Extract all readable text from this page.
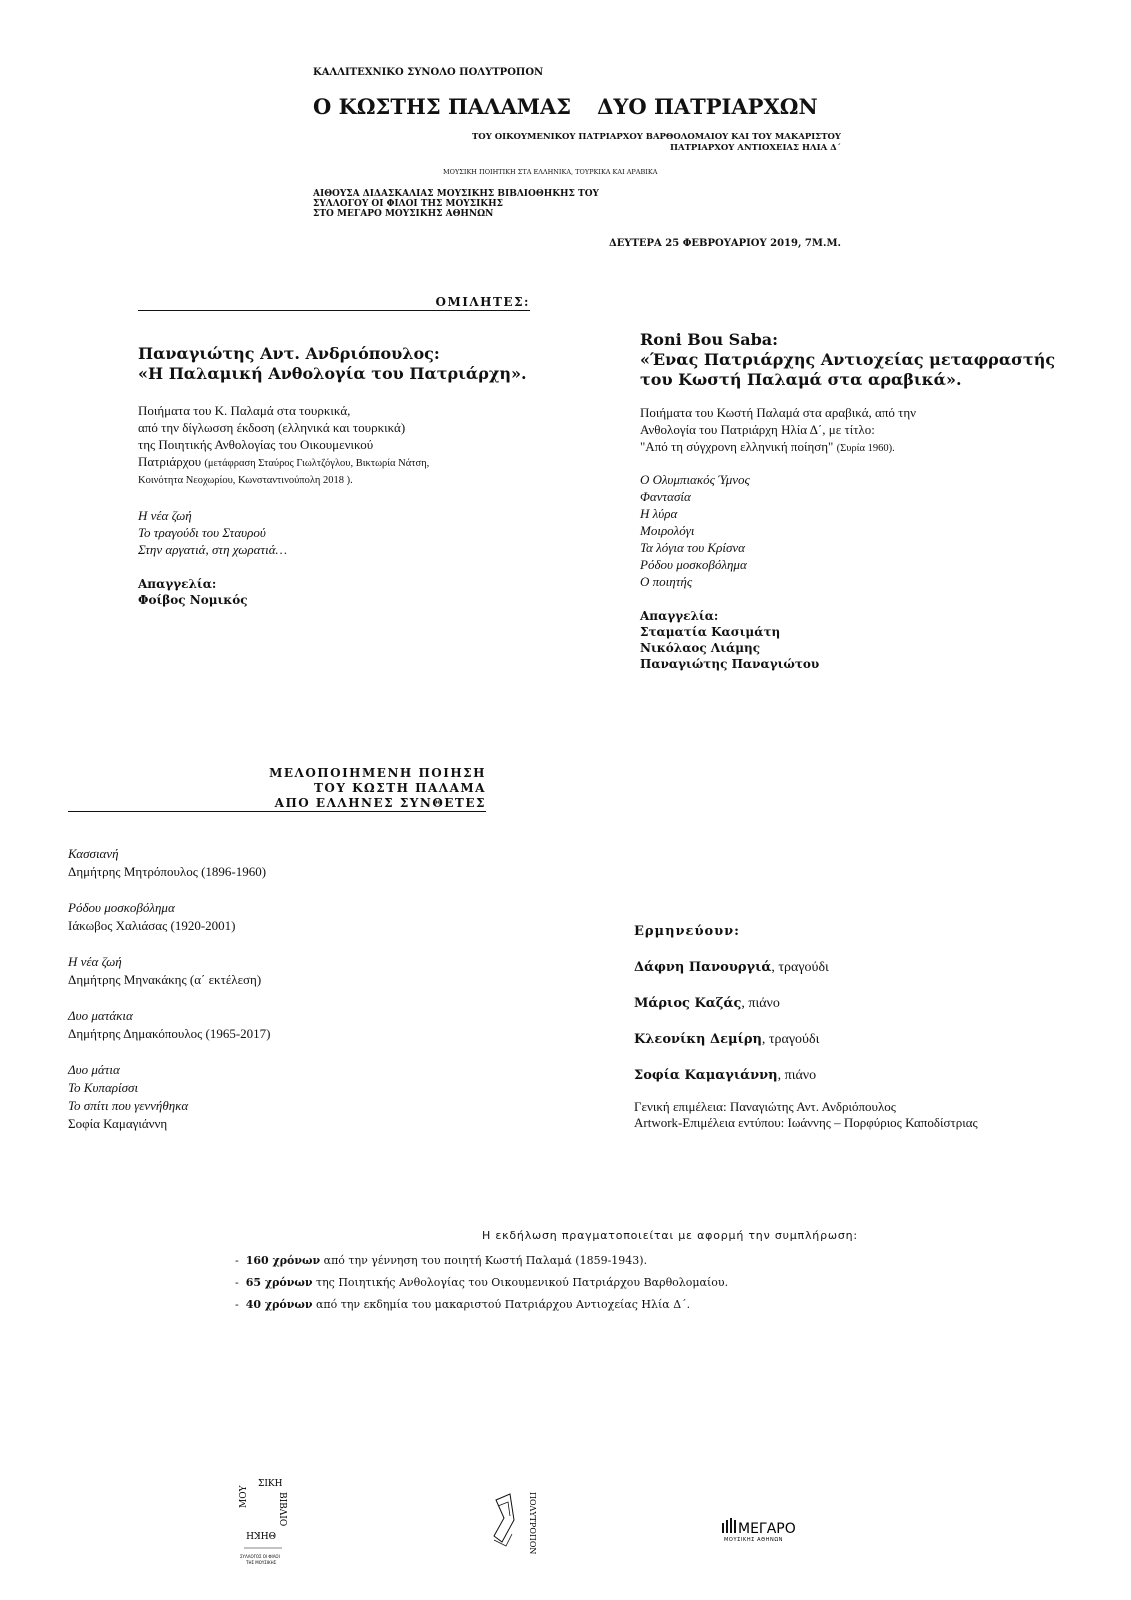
ΚΑΛΛΙΤΕΧΝΙΚΟ ΣΥΝΟΛΟ ΠΟΛΥΤΡΟΠΟΝ
Ο ΚΩΣΤΗΣ ΠΑΛΑΜΑΣ ΔΥΟ ΠΑΤΡΙΑΡΧΩΝ
ΤΟΥ ΟΙΚΟΥΜΕΝΙΚΟΥ ΠΑΤΡΙΑΡΧΟΥ ΒΑΡΘΟΛΟΜΑΙΟΥ ΚΑΙ ΤΟΥ ΜΑΚΑΡΙΣΤΟΥ
ΠΑΤΡΙΑΡΧΟΥ ΑΝΤΙΟΧΕΙΑΣ ΗΛΙΑ Δ΄
ΜΟΥΣΙΚΗ ΠΟΙΗΤΙΚΗ ΣΤΑ ΕΛΛΗΝΙΚΑ, ΤΟΥΡΚΙΚΑ ΚΑΙ ΑΡΑΒΙΚΑ
ΑΙΘΟΥΣΑ ΔΙΔΑΣΚΑΛΙΑΣ ΜΟΥΣΙΚΗΣ ΒΙΒΛΙΟΘΗΚΗΣ ΤΟΥ
ΣΥΛΛΟΓΟΥ ΟΙ ΦΙΛΟΙ ΤΗΣ ΜΟΥΣΙΚΗΣ
ΣΤΟ ΜΕΓΑΡΟ ΜΟΥΣΙΚΗΣ ΑΘΗΝΩΝ
ΔΕΥΤΕΡΑ 25 ΦΕΒΡΟΥΑΡΙΟΥ 2019, 7Μ.Μ.
ΟΜΙΛΗΤΕΣ:
Παναγιώτης Αντ. Ανδριόπουλος:
«Η Παλαμική Ανθολογία του Πατριάρχη».
Ποιήματα του Κ. Παλαμά στα τουρκικά,
από την δίγλωσση έκδοση (ελληνικά και τουρκικά)
της Ποιητικής Ανθολογίας του Οικουμενικού
Πατριάρχου (μετάφραση Σταύρος Γιωλτζόγλου, Βικτωρία Νάτση,
Κοινότητα Νεοχωρίου, Κωνσταντινούπολη 2018 ).
Η νέα ζωή
Το τραγούδι του Σταυρού
Στην αργατιά, στη χωρατιά…
Απαγγελία:
Φοίβος Νομικός
Roni Bou Saba:
«Ένας Πατριάρχης Αντιοχείας μεταφραστής
του Κωστή Παλαμά στα αραβικά».
Ποιήματα του Κωστή Παλαμά στα αραβικά, από την
Ανθολογία του Πατριάρχη Ηλία Δ΄, με τίτλο:
"Από τη σύγχρονη ελληνική ποίηση" (Συρία 1960).
Ο Ολυμπιακός Ύμνος
Φαντασία
Η λύρα
Μοιρολόγι
Τα λόγια του Κρίσνα
Ρόδου μοσκοβόλημα
Ο ποιητής
Απαγγελία:
Σταματία Κασιμάτη
Νικόλαος Λιάμης
Παναγιώτης Παναγιώτου
ΜΕΛΟΠΟΙΗΜΕΝΗ ΠΟΙΗΣΗ
ΤΟΥ ΚΩΣΤΗ ΠΑΛΑΜΑ
ΑΠΟ ΕΛΛΗΝΕΣ ΣΥΝΘΕΤΕΣ
Κασσιανή
Δημήτρης Μητρόπουλος (1896-1960)
Ρόδου μοσκοβόλημα
Ιάκωβος Χαλιάσας (1920-2001)
Η νέα ζωή
Δημήτρης Μηνακάκης (α΄ εκτέλεση)
Δυο ματάκια
Δημήτρης Δημακόπουλος (1965-2017)
Δυο μάτια
Το Κυπαρίσσι
Το σπίτι που γεννήθηκα
Σοφία Καμαγιάννη
Ερμηνεύουν:
Δάφνη Πανουργιά, τραγούδι
Μάριος Καζάς, πιάνο
Κλεονίκη Δεμίρη, τραγούδι
Σοφία Καμαγιάννη, πιάνο
Γενική επιμέλεια: Παναγιώτης Αντ. Ανδριόπουλος
Artwork-Επιμέλεια εντύπου: Ιωάννης – Πορφύριος Καποδίστριας
Η εκδήλωση πραγματοποιείται με αφορμή την συμπλήρωση:
-  160 χρόνων από την γέννηση του ποιητή Κωστή Παλαμά (1859-1943).
-  65 χρόνων της Ποιητικής Ανθολογίας του Οικουμενικού Πατριάρχου Βαρθολομαίου.
-  40 χρόνων από την εκδημία του μακαριστού Πατριάρχου Αντιοχείας Ηλία Δ΄.
ΣΙΚΗ
ΜΟΥ	ΒΙΒΛΙΟ
ΘΗΚΗ
ΣΥΛΛΟΓΟΣ ΟΙ ΦΙΛΟΙ
ΤΗΣ ΜΟΥΣΙΚΗΣ
ΠΟΛΥΤΡΟΠΟΝ	ΜΕΓΑΡΟ
ΜΟΥΣΙΚΗΣ ΑΘΗΝΩΝ
